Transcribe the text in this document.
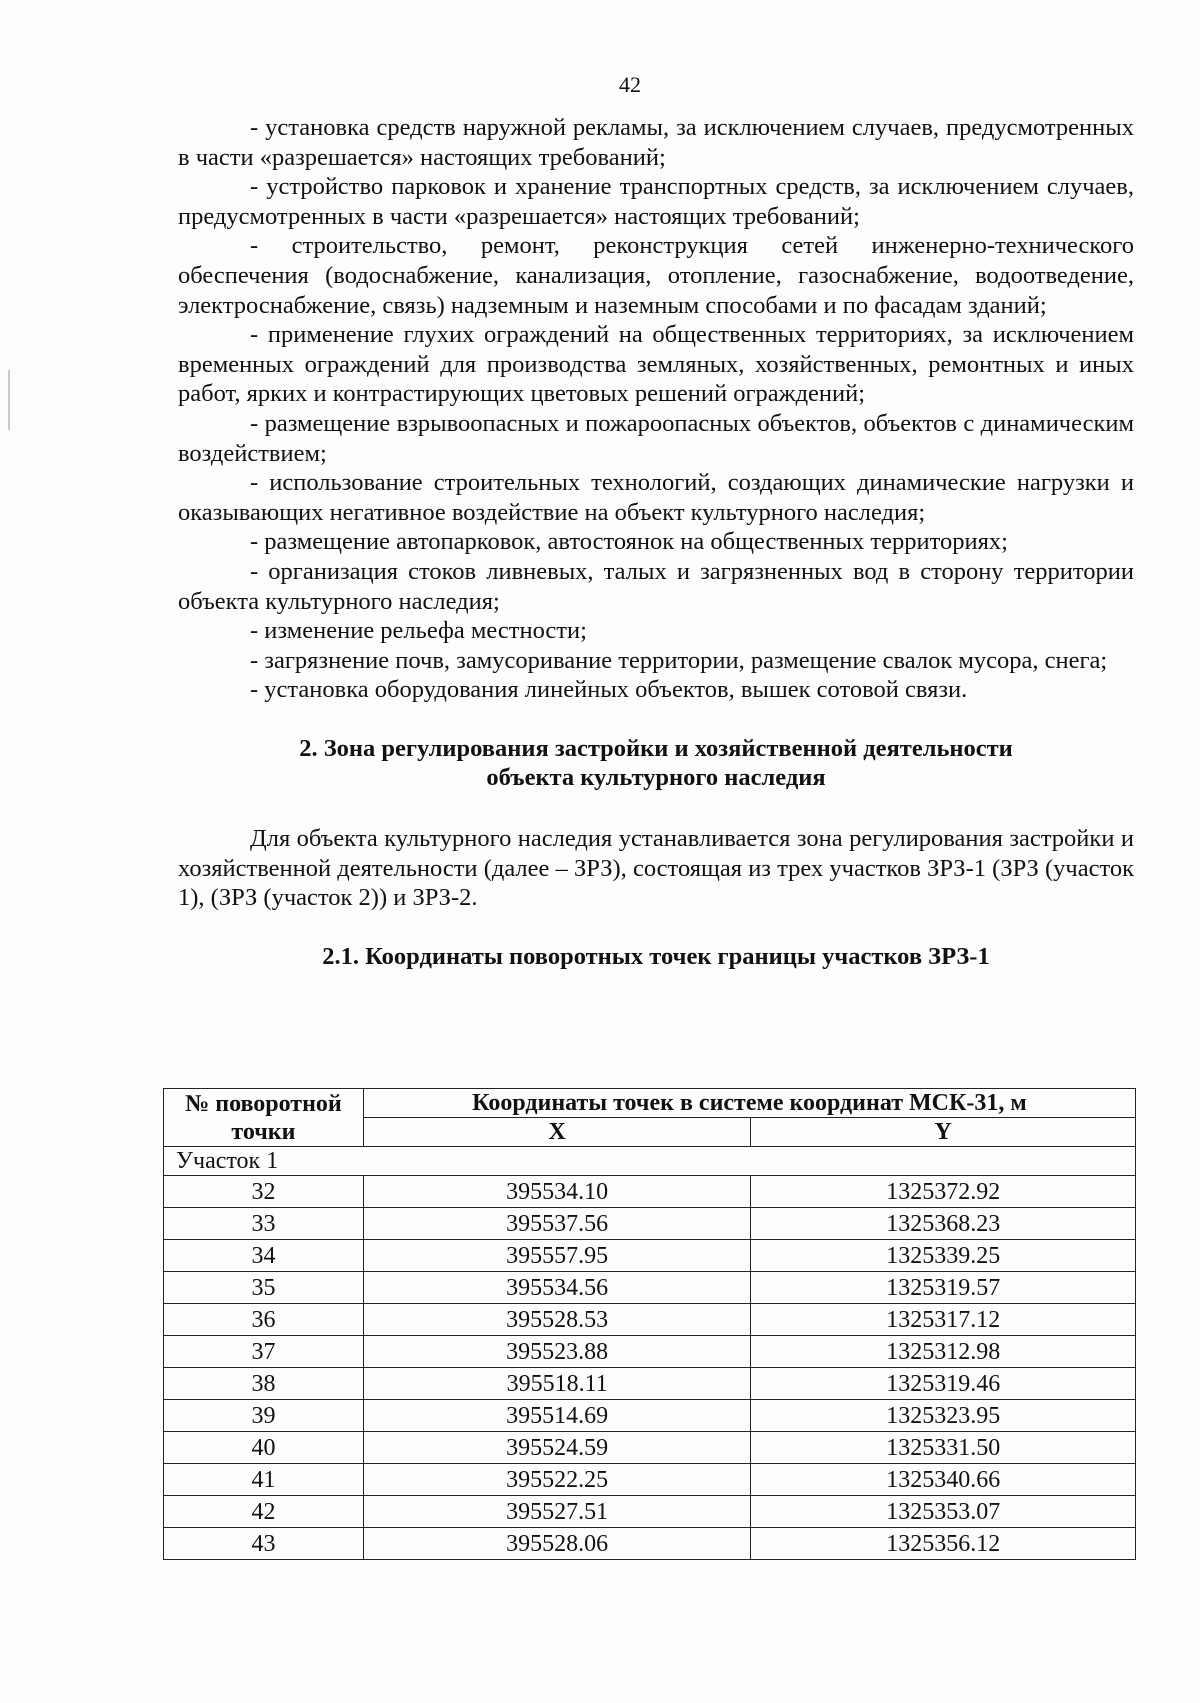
42

- установка средств наружной рекламы, за исключением случаев, предусмотренных в части «разрешается» настоящих требований;

- устройство парковок и хранение транспортных средств, за исключением случаев, предусмотренных в части «разрешается» настоящих требований;

- строительство, ремонт, реконструкция сетей инженерно-технического обеспечения (водоснабжение, канализация, отопление, газоснабжение, водоотведение, электроснабжение, связь) надземным и наземным способами и по фасадам зданий;

- применение глухих ограждений на общественных территориях, за исключением временных ограждений для производства земляных, хозяйственных, ремонтных и иных работ, ярких и контрастирующих цветовых решений ограждений;

- размещение взрывоопасных и пожароопасных объектов, объектов с динамическим воздействием;

- использование строительных технологий, создающих динамические нагрузки и оказывающих негативное воздействие на объект культурного наследия;

- размещение автопарковок, автостоянок на общественных территориях;

- организация стоков ливневых, талых и загрязненных вод в сторону территории объекта культурного наследия;

- изменение рельефа местности;

- загрязнение почв, замусоривание территории, размещение свалок мусора, снега;

- установка оборудования линейных объектов, вышек сотовой связи.

2. Зона регулирования застройки и хозяйственной деятельности
объекта культурного наследия

Для объекта культурного наследия устанавливается зона регулирования застройки и хозяйственной деятельности (далее – ЗРЗ), состоящая из трех участков ЗРЗ-1 (ЗРЗ (участок 1), (ЗРЗ (участок 2)) и ЗРЗ-2.

2.1. Координаты поворотных точек границы участков ЗРЗ-1
№ поворотной
точки	Координаты точек в системе координат МСК-31, м	
	X	Y
Участок 1		
32	395534.10	1325372.92
33	395537.56	1325368.23
34	395557.95	1325339.25
35	395534.56	1325319.57
36	395528.53	1325317.12
37	395523.88	1325312.98
38	395518.11	1325319.46
39	395514.69	1325323.95
40	395524.59	1325331.50
41	395522.25	1325340.66
42	395527.51	1325353.07
43	395528.06	1325356.12
